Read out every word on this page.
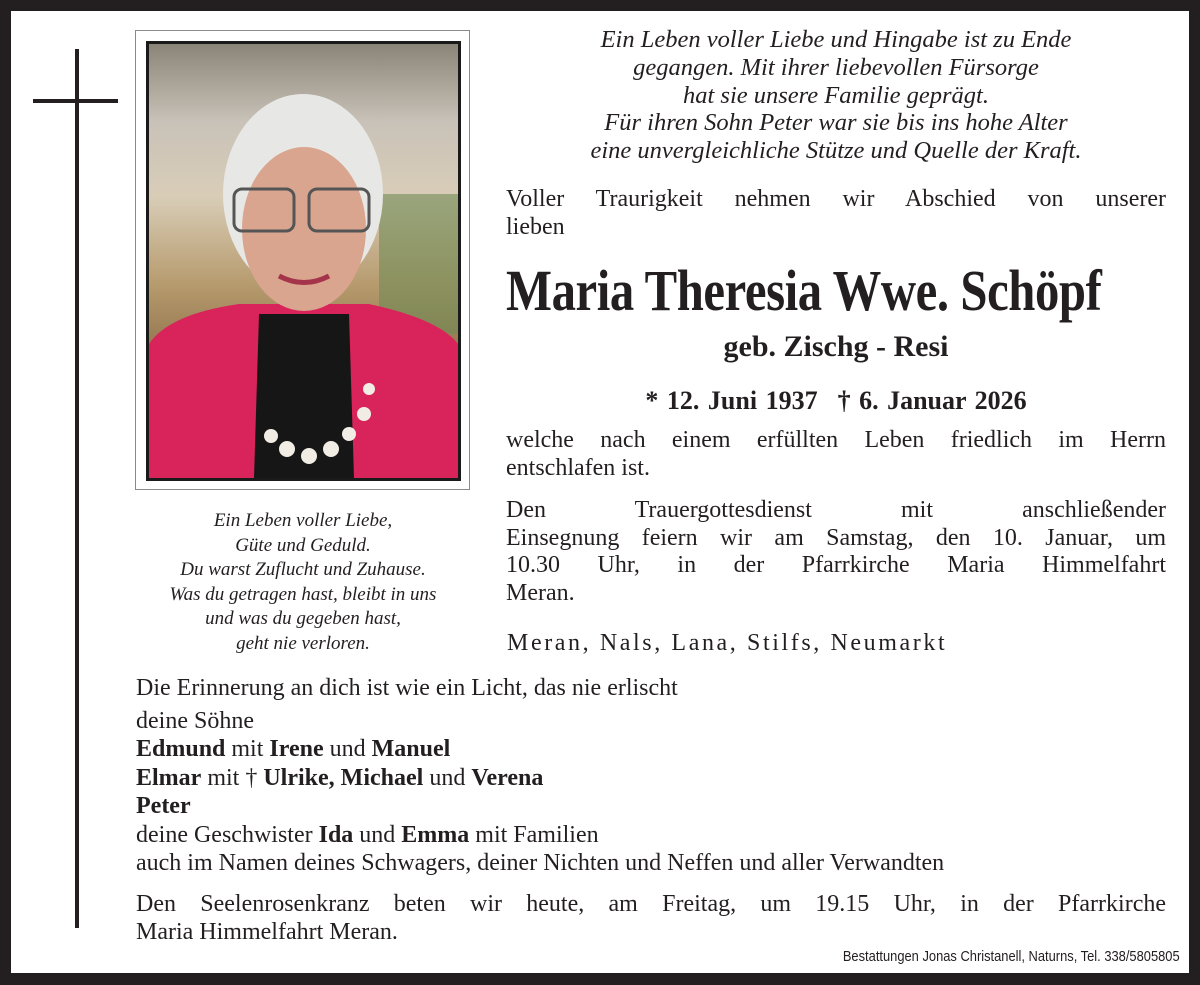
Ein Leben voller Liebe und Hingabe ist zu Ende
gegangen. Mit ihrer liebevollen Fürsorge
hat sie unsere Familie geprägt.
Für ihren Sohn Peter war sie bis ins hohe Alter
eine unvergleichliche Stütze und Quelle der Kraft.
Voller Traurigkeit nehmen wir Abschied von unserer
lieben
Maria Theresia Wwe. Schöpf
geb. Zischg - Resi
* 12. Juni 1937 † 6. Januar 2026
welche nach einem erfüllten Leben friedlich im Herrn
entschlafen ist.
Den Trauergottesdienst mit anschließender
Einsegnung feiern wir am Samstag, den 10. Januar, um
10.30 Uhr, in der Pfarrkirche Maria Himmelfahrt
Meran.
Meran, Nals, Lana, Stilfs, Neumarkt
Ein Leben voller Liebe,
Güte und Geduld.
Du warst Zuflucht und Zuhause.
Was du getragen hast, bleibt in uns
und was du gegeben hast,
geht nie verloren.
Die Erinnerung an dich ist wie ein Licht, das nie erlischt
deine Söhne
Edmund mit Irene und Manuel
Elmar mit † Ulrike, Michael und Verena
Peter
deine Geschwister Ida und Emma mit Familien
auch im Namen deines Schwagers, deiner Nichten und Neffen und aller Verwandten
Den Seelenrosenkranz beten wir heute, am Freitag, um 19.15 Uhr, in der Pfarrkirche
Maria Himmelfahrt Meran.
Bestattungen Jonas Christanell, Naturns, Tel. 338/5805805
